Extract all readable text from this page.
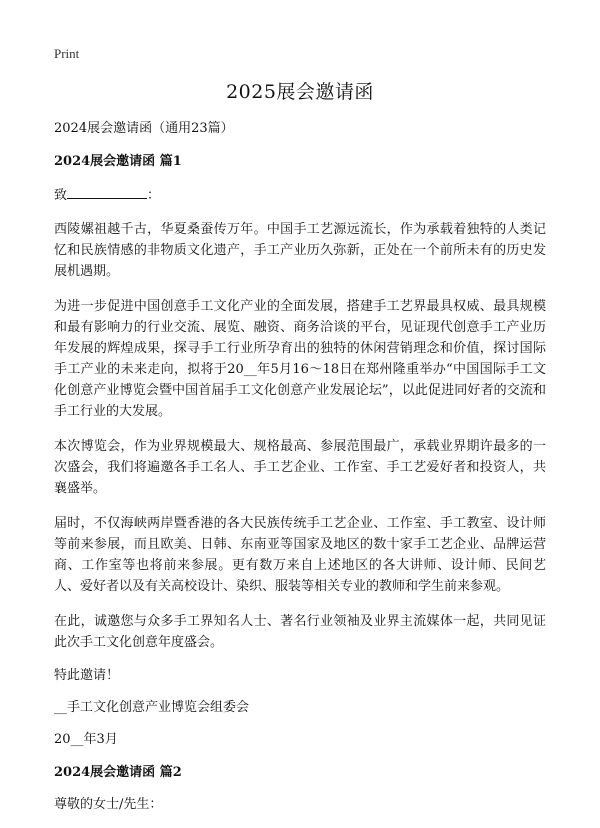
Print
2025展会邀请函

2024展会邀请函（通用23篇）

2024展会邀请函 篇1

致	：

西陵嫘祖越千古，华夏桑蚕传万年。中国手工艺源远流长，作为承载着独特的人类记忆和民族情感的非物质文化遗产，手工产业历久弥新，正处在一个前所未有的历史发展机遇期。

为进一步促进中国创意手工文化产业的全面发展，搭建手工艺界最具权威、最具规模和最有影响力的行业交流、展览、融资、商务洽谈的平台，见证现代创意手工产业历年发展的辉煌成果，探寻手工行业所孕育出的独特的休闲营销理念和价值，探讨国际手工产业的未来走向，拟将于20__年5月16～18日在郑州隆重举办“中国国际手工文化创意产业博览会暨中国首届手工文化创意产业发展论坛”，以此促进同好者的交流和手工行业的大发展。

本次博览会，作为业界规模最大、规格最高、参展范围最广，承载业界期许最多的一次盛会，我们将遍邀各手工名人、手工艺企业、工作室、手工艺爱好者和投资人，共襄盛举。

届时，不仅海峡两岸暨香港的各大民族传统手工艺企业、工作室、手工教室、设计师等前来参展，而且欧美、日韩、东南亚等国家及地区的数十家手工艺企业、品牌运营商、工作室等也将前来参展。更有数万来自上述地区的各大讲师、设计师、民间艺人、爱好者以及有关高校设计、染织、服装等相关专业的教师和学生前来参观。

在此，诚邀您与众多手工界知名人士、著名行业领袖及业界主流媒体一起，共同见证此次手工文化创意年度盛会。

特此邀请！

__手工文化创意产业博览会组委会

20__年3月

2024展会邀请函 篇2

尊敬的女士/先生：
